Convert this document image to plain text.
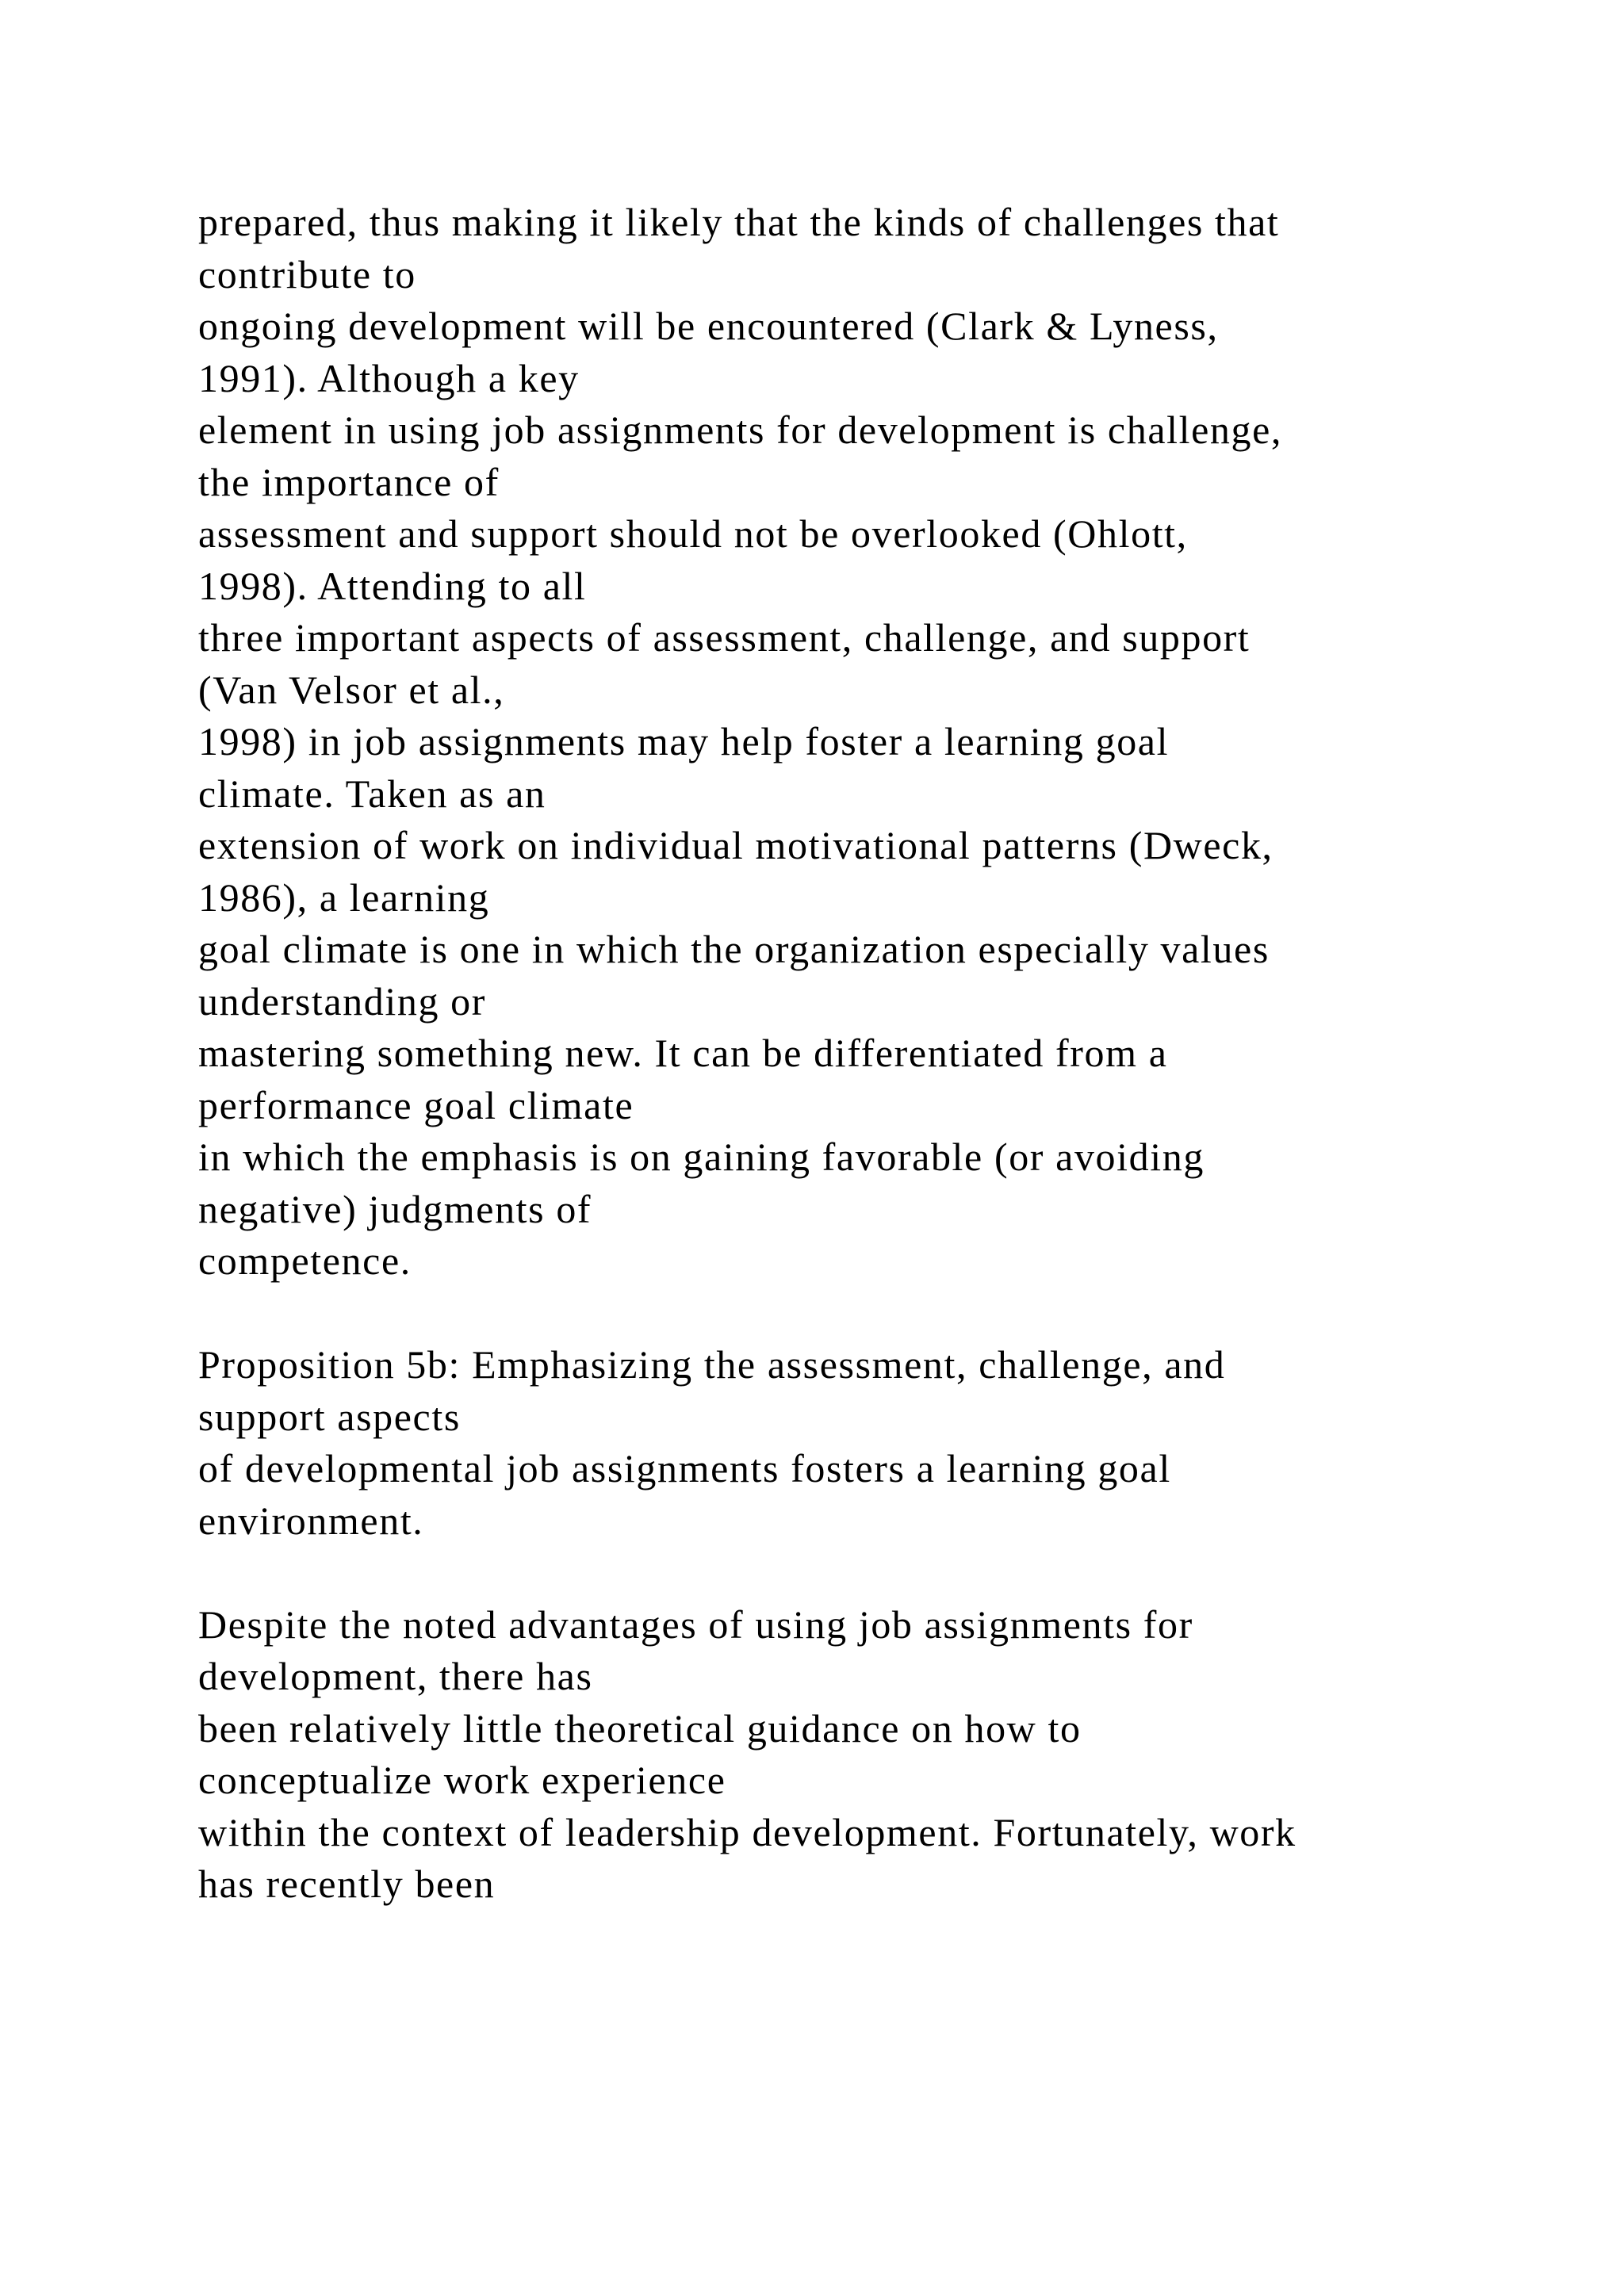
prepared, thus making it likely that the kinds of challenges that
contribute to
ongoing development will be encountered (Clark & Lyness,
1991). Although a key
element in using job assignments for development is challenge,
the importance of
assessment and support should not be overlooked (Ohlott,
1998). Attending to all
three important aspects of assessment, challenge, and support
(Van Velsor et al.,
1998) in job assignments may help foster a learning goal
climate. Taken as an
extension of work on individual motivational patterns (Dweck,
1986), a learning
goal climate is one in which the organization especially values
understanding or
mastering something new. It can be differentiated from a
performance goal climate
in which the emphasis is on gaining favorable (or avoiding
negative) judgments of
competence.
Proposition 5b: Emphasizing the assessment, challenge, and
support aspects
of developmental job assignments fosters a learning goal
environment.
Despite the noted advantages of using job assignments for
development, there has
been relatively little theoretical guidance on how to
conceptualize work experience
within the context of leadership development. Fortunately, work
has recently been
